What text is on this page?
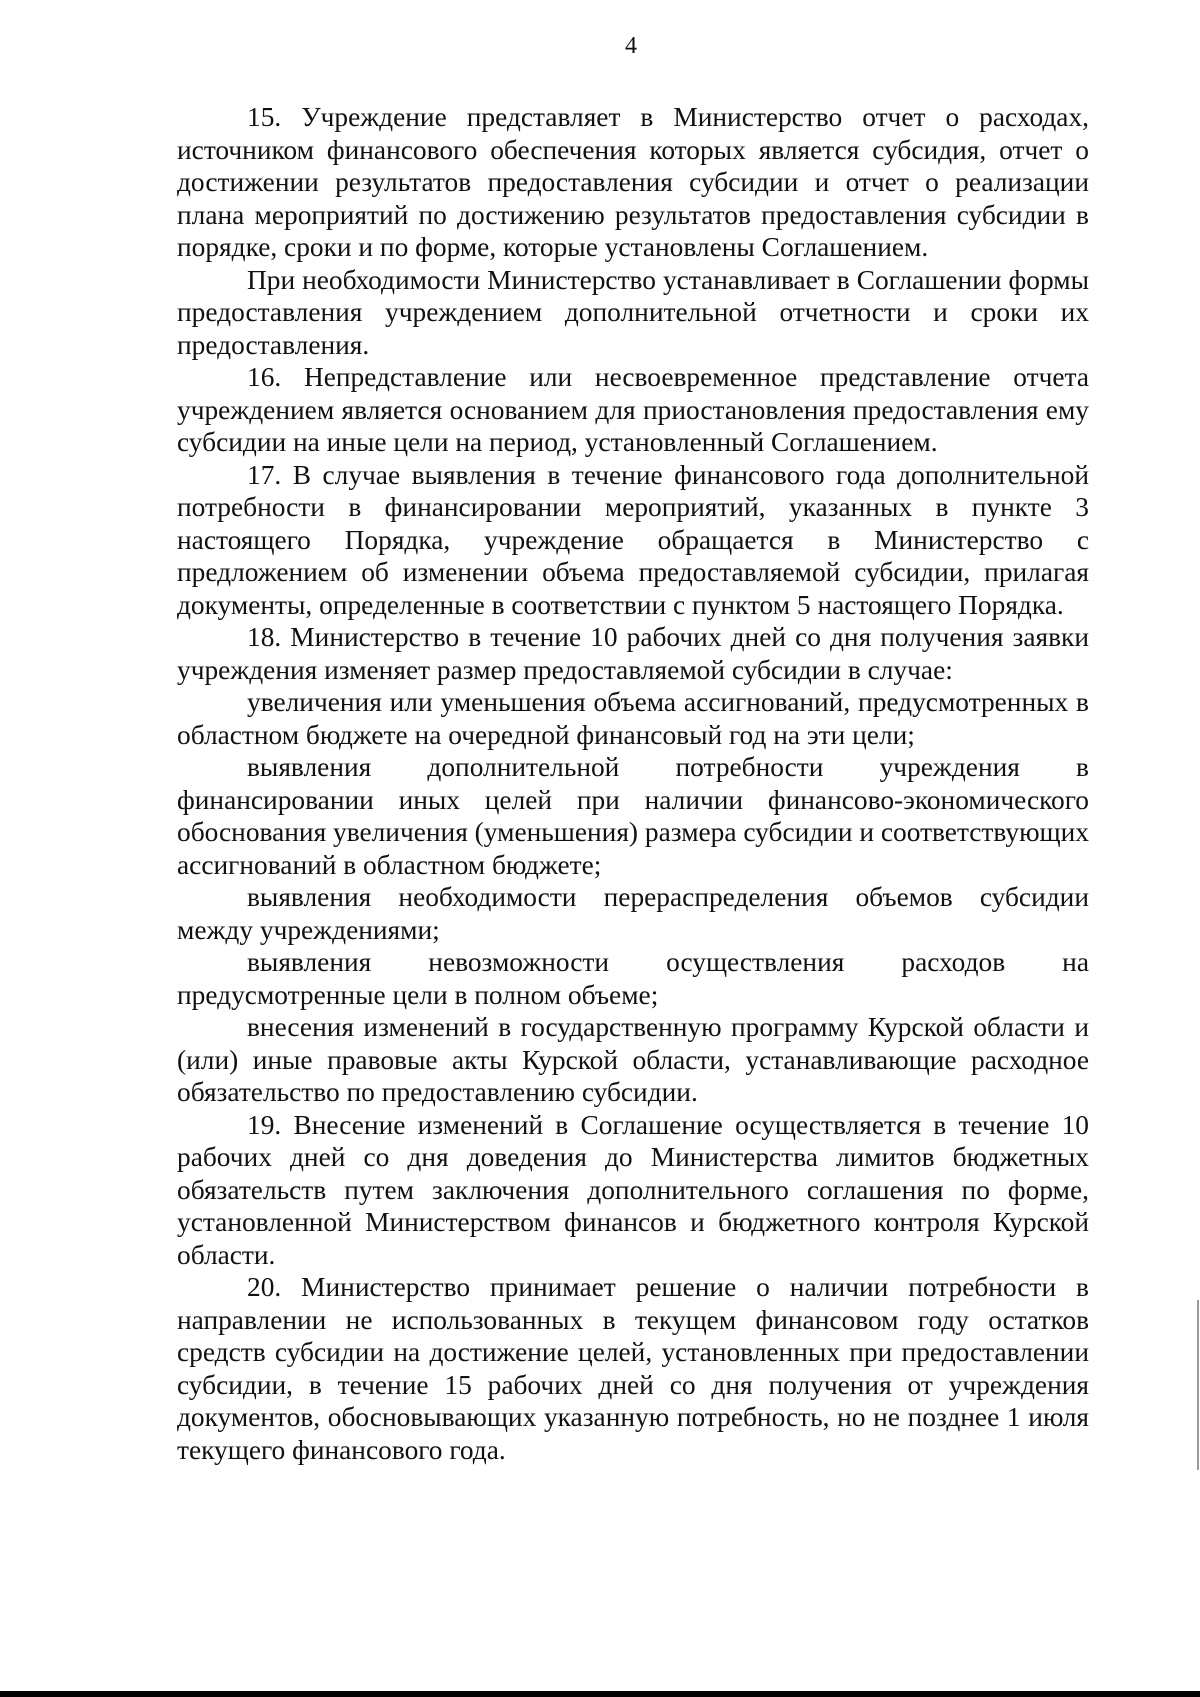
4

15. Учреждение представляет в Министерство отчет о расходах, источником финансового обеспечения которых является субсидия, отчет о достижении результатов предоставления субсидии и отчет о реализации плана мероприятий по достижению результатов предоставления субсидии в порядке, сроки и по форме, которые установлены Соглашением.

При необходимости Министерство устанавливает в Соглашении формы предоставления учреждением дополнительной отчетности и сроки их предоставления.

16. Непредставление или несвоевременное представление отчета учреждением является основанием для приостановления предоставления ему субсидии на иные цели на период, установленный Соглашением.

17. В случае выявления в течение финансового года дополнительной потребности в финансировании мероприятий, указанных в пункте 3 настоящего Порядка, учреждение обращается в Министерство с предложением об изменении объема предоставляемой субсидии, прилагая документы, определенные в соответствии с пунктом 5 настоящего Порядка.

18. Министерство в течение 10 рабочих дней со дня получения заявки учреждения изменяет размер предоставляемой субсидии в случае:

увеличения или уменьшения объема ассигнований, предусмотренных в областном бюджете на очередной финансовый год на эти цели;

выявления дополнительной потребности учреждения в финансировании иных целей при наличии финансово-экономического обоснования увеличения (уменьшения) размера субсидии и соответствующих ассигнований в областном бюджете;

выявления необходимости перераспределения объемов субсидии между учреждениями;

выявления невозможности осуществления расходов на предусмотренные цели в полном объеме;

внесения изменений в государственную программу Курской области и (или) иные правовые акты Курской области, устанавливающие расходное обязательство по предоставлению субсидии.

19. Внесение изменений в Соглашение осуществляется в течение 10 рабочих дней со дня доведения до Министерства лимитов бюджетных обязательств путем заключения дополнительного соглашения по форме, установленной Министерством финансов и бюджетного контроля Курской области.

20. Министерство принимает решение о наличии потребности в направлении не использованных в текущем финансовом году остатков средств субсидии на достижение целей, установленных при предоставлении субсидии, в течение 15 рабочих дней со дня получения от учреждения документов, обосновывающих указанную потребность, но не позднее 1 июля текущего финансового года.
